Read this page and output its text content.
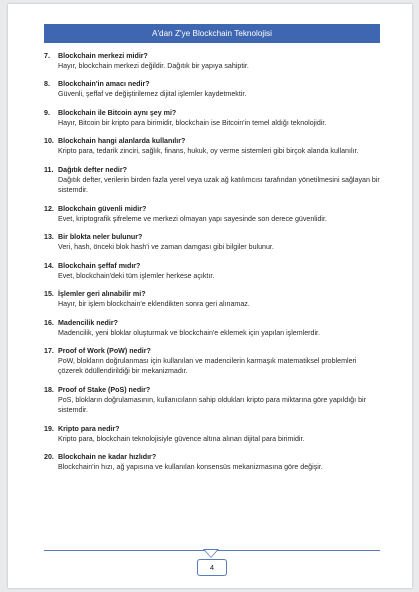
A'dan Z'ye Blockchain Teknolojisi
7.	Blockchain merkezi midir?
Hayır, blockchain merkezi değildir. Dağıtık bir yapıya sahiptir.
8.	Blockchain'in amacı nedir?
Güvenli, şeffaf ve değiştirilemez dijital işlemler kaydetmektir.
9.	Blockchain ile Bitcoin aynı şey mi?
Hayır, Bitcoin bir kripto para birimidir, blockchain ise Bitcoin'in temel aldığı teknolojidir.
10. Blockchain hangi alanlarda kullanılır?
Kripto para, tedarik zinciri, sağlık, finans, hukuk, oy verme sistemleri gibi birçok alanda kullanılır.
11. Dağıtık defter nedir?
Dağıtık defter, verilerin birden fazla yerel veya uzak ağ katılımcısı tarafından yönetilmesini sağlayan bir sistemdir.
12. Blockchain güvenli midir?
Evet, kriptografik şifreleme ve merkezi olmayan yapı sayesinde son derece güvenlidir.
13. Bir blokta neler bulunur?
Veri, hash, önceki blok hash'i ve zaman damgası gibi bilgiler bulunur.
14. Blockchain şeffaf mıdır?
Evet, blockchain'deki tüm işlemler herkese açıktır.
15. İşlemler geri alınabilir mi?
Hayır, bir işlem blockchain'e eklendikten sonra geri alınamaz.
16. Madencilik nedir?
Madencilik, yeni bloklar oluşturmak ve blockchain'e eklemek için yapılan işlemlerdir.
17. Proof of Work (PoW) nedir?
PoW, blokların doğrulanması için kullanılan ve madencilerin karmaşık matematiksel problemleri çözerek ödüllendirildiği bir mekanizmadır.
18. Proof of Stake (PoS) nedir?
PoS, blokların doğrulamasının, kullanıcıların sahip oldukları kripto para miktarına göre yapıldığı bir sistemdir.
19. Kripto para nedir?
Kripto para, blockchain teknolojisiyle güvence altına alınan dijital para birimidir.
20. Blockchain ne kadar hızlıdır?
Blockchain'in hızı, ağ yapısına ve kullanılan konsensüs mekanizmasına göre değişir.
4
